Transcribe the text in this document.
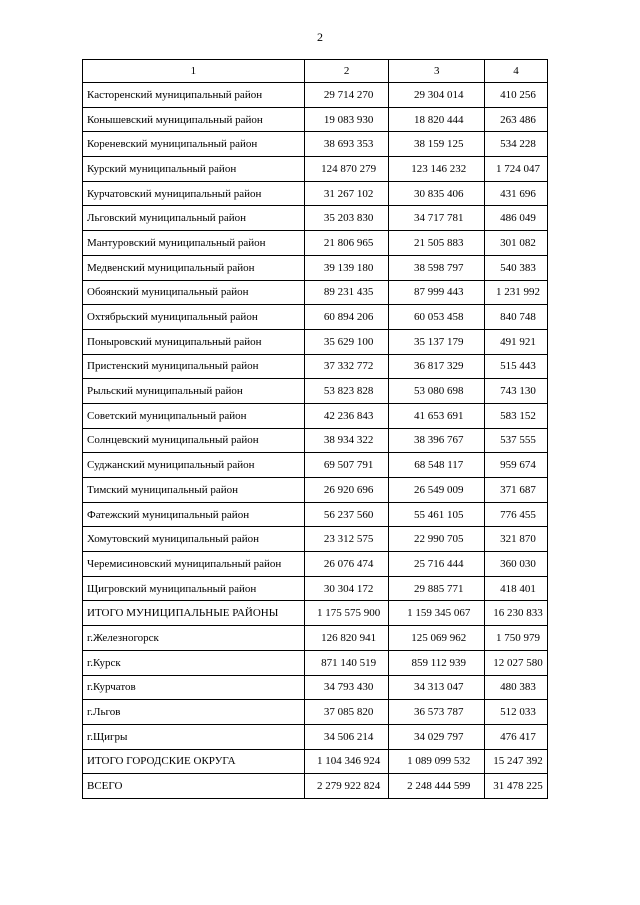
2
1	2	3	4
Касторенский муниципальный район	29 714 270	29 304 014	410 256
Конышевский муниципальный район	19 083 930	18 820 444	263 486
Кореневский муниципальный район	38 693 353	38 159 125	534 228
Курский муниципальный район	124 870 279	123 146 232	1 724 047
Курчатовский муниципальный район	31 267 102	30 835 406	431 696
Льговский муниципальный район	35 203 830	34 717 781	486 049
Мантуровский муниципальный район	21 806 965	21 505 883	301 082
Медвенский муниципальный район	39 139 180	38 598 797	540 383
Обоянский муниципальный район	89 231 435	87 999 443	1 231 992
Охтябрьский муниципальный район	60 894 206	60 053 458	840 748
Поныровский муниципальный район	35 629 100	35 137 179	491 921
Пристенский муниципальный район	37 332 772	36 817 329	515 443
Рыльский муниципальный район	53 823 828	53 080 698	743 130
Советский муниципальный район	42 236 843	41 653 691	583 152
Солнцевский муниципальный район	38 934 322	38 396 767	537 555
Суджанский муниципальный район	69 507 791	68 548 117	959 674
Тимский муниципальный район	26 920 696	26 549 009	371 687
Фатежский муниципальный район	56 237 560	55 461 105	776 455
Хомутовский муниципальный район	23 312 575	22 990 705	321 870
Черемисиновский муниципальный район	26 076 474	25 716 444	360 030
Щигровский муниципальный район	30 304 172	29 885 771	418 401
ИТОГО МУНИЦИПАЛЬНЫЕ РАЙОНЫ	1 175 575 900	1 159 345 067	16 230 833
г.Железногорск	126 820 941	125 069 962	1 750 979
г.Курск	871 140 519	859 112 939	12 027 580
г.Курчатов	34 793 430	34 313 047	480 383
г.Льгов	37 085 820	36 573 787	512 033
г.Щигры	34 506 214	34 029 797	476 417
ИТОГО ГОРОДСКИЕ ОКРУГА	1 104 346 924	1 089 099 532	15 247 392
ВСЕГО	2 279 922 824	2 248 444 599	31 478 225
